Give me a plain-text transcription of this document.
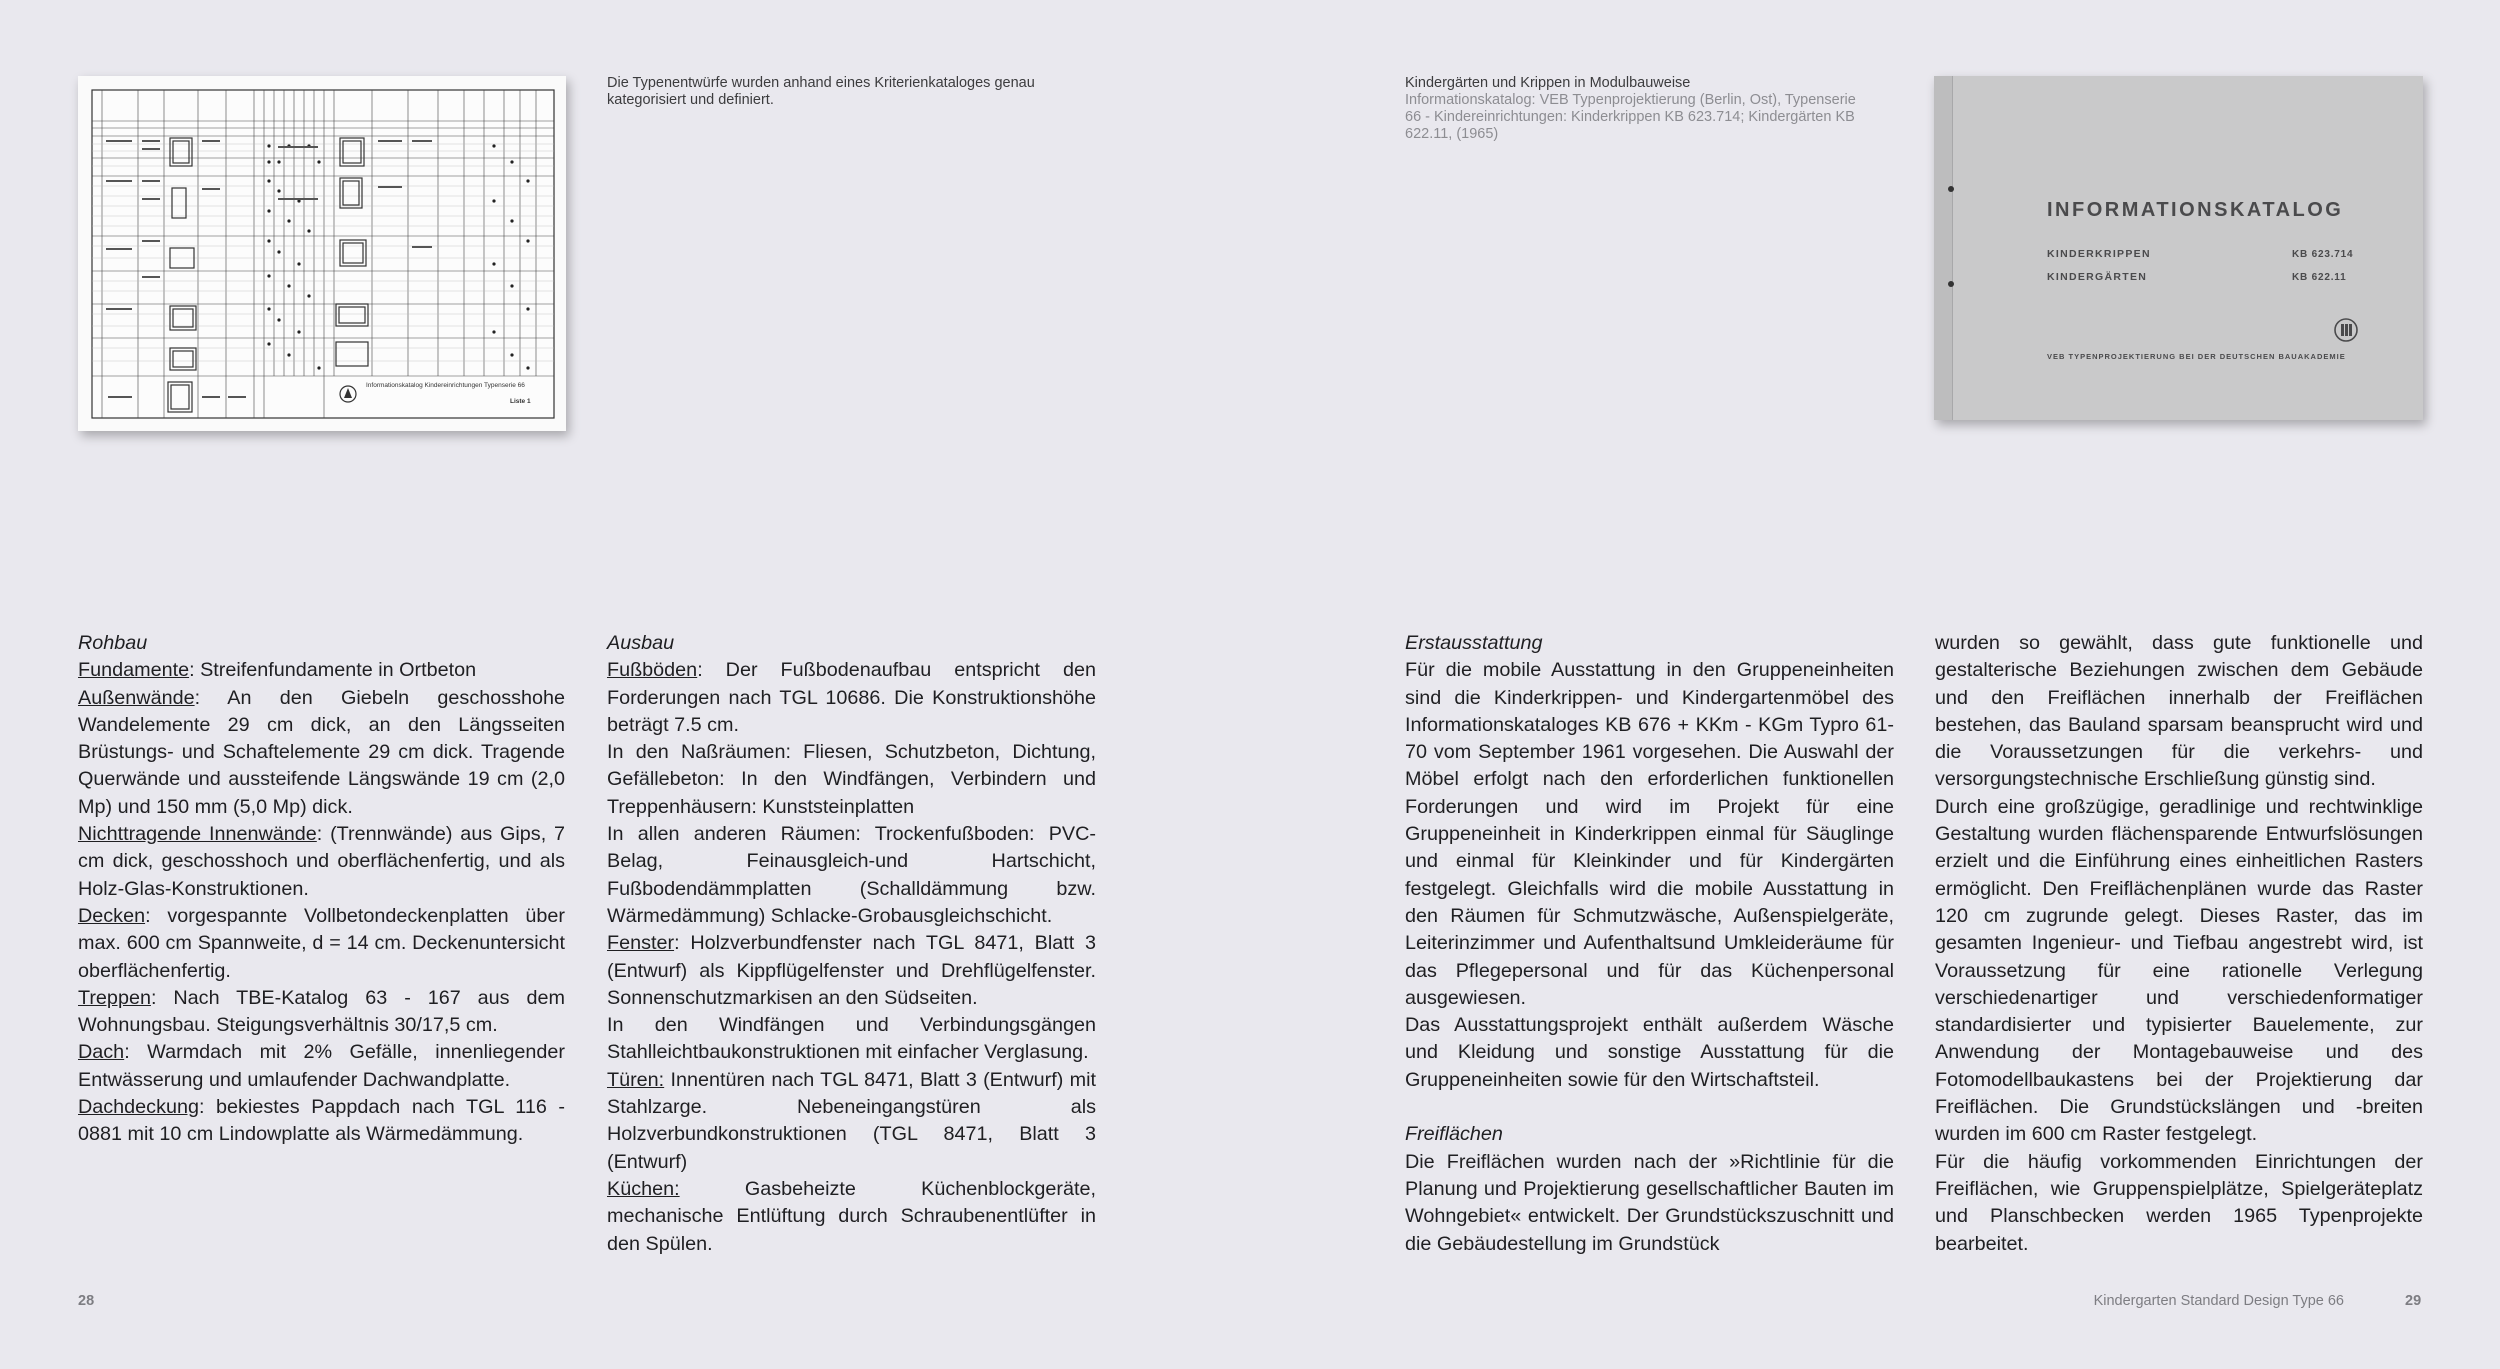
Informationskatalog Kindereinrichtungen Typenserie 66
Liste 1
Die Typenentwürfe wurden anhand eines Kriterienkataloges genau kategorisiert und definiert.

Rohbau

Fundamente: Streifenfundamente in Ortbeton

Außenwände: An den Giebeln geschosshohe Wandelemente 29 cm dick, an den Längsseiten Brüstungs- und Schaftelemente 29 cm dick. Tragende Querwände und aussteifende Längswände 19 cm (2,0 Mp) und 150 mm (5,0 Mp) dick.

Nichttragende Innenwände: (Trennwände) aus Gips, 7 cm dick, geschosshoch und oberflächenfertig, und als Holz-Glas-Konstruktionen.

Decken: vorgespannte Vollbetondeckenplatten über max. 600 cm Spannweite, d = 14 cm. Deckenuntersicht oberflächenfertig.

Treppen: Nach TBE-Katalog 63 - 167 aus dem Wohnungsbau. Steigungsverhältnis 30/17,5 cm.

Dach: Warmdach mit 2% Gefälle, innenliegender Entwässerung und umlaufender Dachwandplatte.

Dachdeckung: bekiestes Pappdach nach TGL 116 - 0881 mit 10 cm Lindowplatte als Wärmedämmung.

Ausbau

Fußböden: Der Fußbodenaufbau entspricht den Forderungen nach TGL 10686. Die Konstruktionshöhe beträgt 7.5 cm.

In den Naßräumen: Fliesen, Schutzbeton, Dichtung, Gefällebeton: In den Windfängen, Verbindern und Treppenhäusern: Kunststeinplatten

In allen anderen Räumen: Trockenfußboden: PVC-Belag, Feinausgleich-und Hartschicht, Fußbodendämmplatten (Schalldämmung bzw. Wärmedämmung) Schlacke-Grobausgleichschicht.

Fenster: Holzverbundfenster nach TGL 8471, Blatt 3 (Entwurf) als Kippflügelfenster und Drehflügelfenster. Sonnenschutzmarkisen an den Südseiten.

In den Windfängen und Verbindungsgängen Stahlleichtbaukonstruktionen mit einfacher Verglasung.

Türen: Innentüren nach TGL 8471, Blatt 3 (Entwurf) mit Stahlzarge. Nebeneingangstüren als Holzverbundkonstruktionen (TGL 8471, Blatt 3 (Entwurf)

Küchen: Gasbeheizte Küchenblockgeräte, mechanische Entlüftung durch Schraubenentlüfter in den Spülen.

28
Kindergärten und Krippen in Modulbauweise
Informationskatalog: VEB Typenprojektierung (Berlin, Ost), Typenserie 66 - Kindereinrichtungen: Kinderkrippen KB 623.714; Kindergärten KB 622.11, (1965)
INFORMATIONSKATALOG
KINDERKRIPPEN	KB 623.714
KINDERGÄRTEN	KB 622.11
VEB TYPENPROJEKTIERUNG BEI DER DEUTSCHEN BAUAKADEMIE

Erstausstattung

Für die mobile Ausstattung in den Gruppeneinheiten sind die Kinderkrippen- und Kindergartenmöbel des Informationskataloges KB 676 + KKm - KGm Typro 61-70 vom September 1961 vorgesehen. Die Auswahl der Möbel erfolgt nach den erforderlichen funktionellen Forderungen und wird im Projekt für eine Gruppeneinheit in Kinderkrippen einmal für Säuglinge und einmal für Kleinkinder und für Kindergärten festgelegt. Gleichfalls wird die mobile Ausstattung in den Räumen für Schmutzwäsche, Außenspielgeräte, Leiterinzimmer und Aufenthaltsund Umkleideräume für das Pflegepersonal und für das Küchenpersonal ausgewiesen.

Das Ausstattungsprojekt enthält außerdem Wäsche und Kleidung und sonstige Ausstattung für die Gruppeneinheiten sowie für den Wirtschaftsteil.

Freiflächen

Die Freiflächen wurden nach der »Richtlinie für die Planung und Projektierung gesellschaftlicher Bauten im Wohngebiet« entwickelt. Der Grundstückszuschnitt und die Gebäudestellung im Grundstück

wurden so gewählt, dass gute funktionelle und gestalterische Beziehungen zwischen dem Gebäude und den Freiflächen innerhalb der Freiflächen bestehen, das Bauland sparsam beansprucht wird und die Voraussetzungen für die verkehrs- und versorgungstechnische Erschließung günstig sind.

Durch eine großzügige, geradlinige und rechtwinklige Gestaltung wurden flächensparende Entwurfslösungen erzielt und die Einführung eines einheitlichen Rasters ermöglicht. Den Freiflächenplänen wurde das Raster 120 cm zugrunde gelegt. Dieses Raster, das im gesamten Ingenieur- und Tiefbau angestrebt wird, ist Voraussetzung für eine rationelle Verlegung verschiedenartiger und verschiedenformatiger standardisierter und typisierter Bauelemente, zur Anwendung der Montagebauweise und des Fotomodellbaukastens bei der Projektierung dar Freiflächen. Die Grundstückslängen und -breiten wurden im 600 cm Raster festgelegt.

Für die häufig vorkommenden Einrichtungen der Freiflächen, wie Gruppenspielplätze, Spielgeräteplatz und Planschbecken werden 1965 Typenprojekte bearbeitet.

Kindergarten Standard Design Type 66	29
